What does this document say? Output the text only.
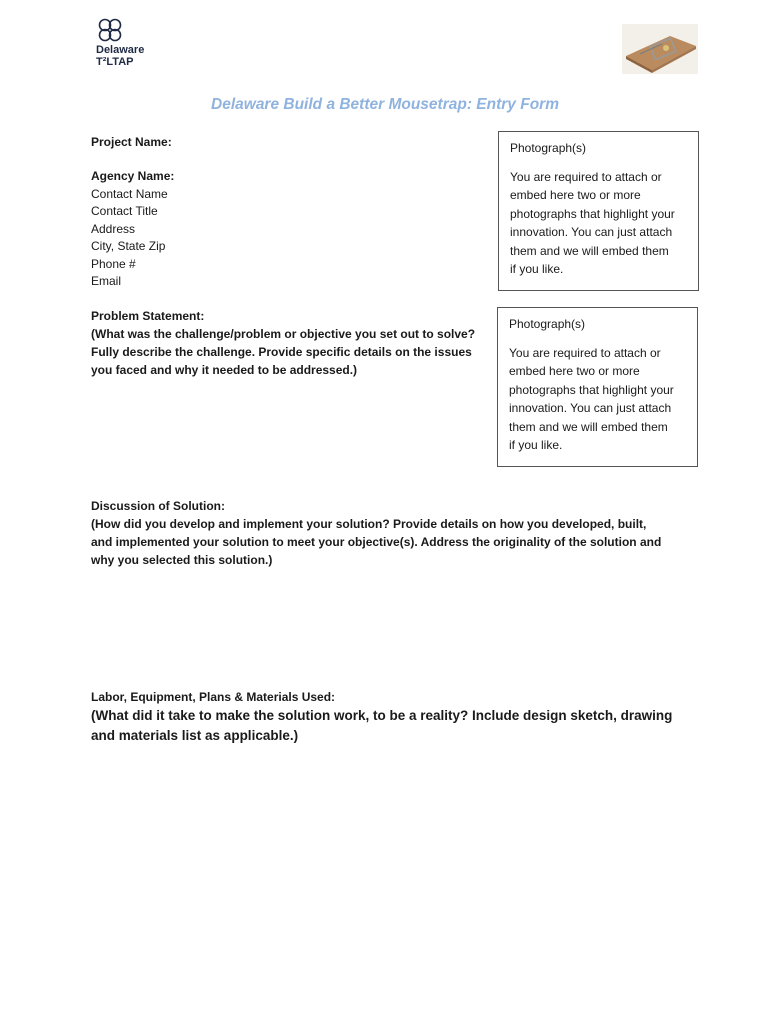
Delaware
T²LTAP
Delaware Build a Better Mousetrap: Entry Form
Project Name:
Agency Name:
Contact Name
Contact Title
Address
City, State Zip
Phone #
Email
Photograph(s)
You are required to attach or
embed here two or more
photographs that highlight your
innovation. You can just attach
them and we will embed them
if you like.
Problem Statement:
(What was the challenge/problem or objective you set out to solve?
Fully describe the challenge. Provide specific details on the issues
you faced and why it needed to be addressed.)
Photograph(s)
You are required to attach or
embed here two or more
photographs that highlight your
innovation. You can just attach
them and we will embed them
if you like.
Discussion of Solution:
(How did you develop and implement your solution? Provide details on how you developed, built,
and implemented your solution to meet your objective(s). Address the originality of the solution and
why you selected this solution.)
Labor, Equipment, Plans & Materials Used:
(What did it take to make the solution work, to be a reality? Include design sketch, drawing
and materials list as applicable.)
